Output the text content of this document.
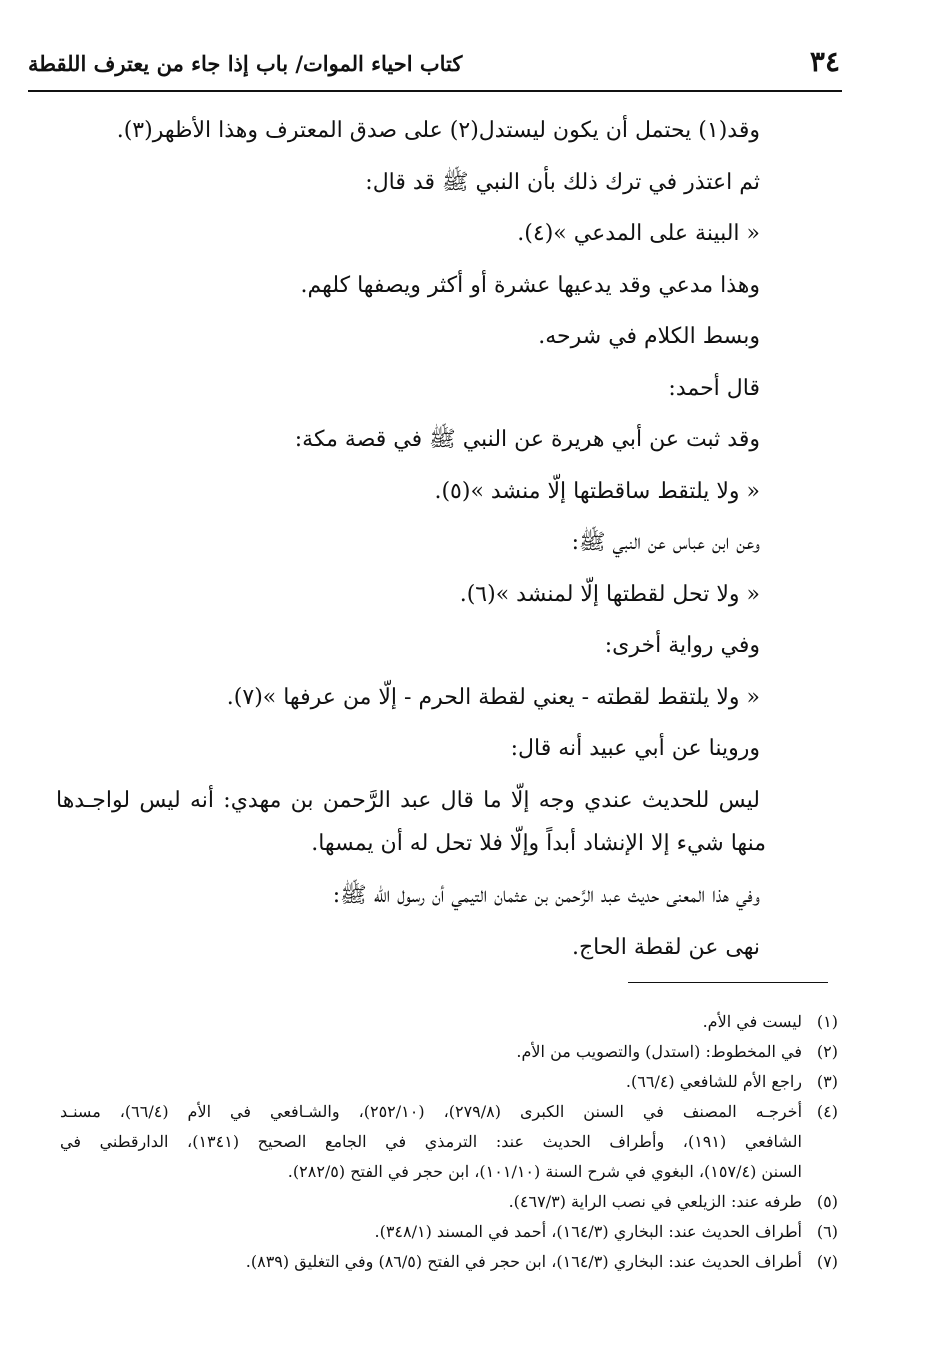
٣٤
كتاب احياء الموات/ باب إذا جاء من يعترف اللقطة
وقد(١) يحتمل أن يكون ليستدل(٢) على صدق المعترف وهذا الأظهر(٣).
ثم اعتذر في ترك ذلك بأن النبي ﷺ قد قال:
« البينة على المدعي »(٤).
وهذا مدعي وقد يدعيها عشرة أو أكثر ويصفها كلهم.
وبسط الكلام في شرحه.
قال أحمد:
وقد ثبت عن أبي هريرة عن النبي ﷺ في قصة مكة:
« ولا يلتقط ساقطتها إلّا منشد »(٥).
وعن ابن عباس عن النبي ﷺ:
« ولا تحل لقطتها إلّا لمنشد »(٦).
وفي رواية أخرى:
« ولا يلتقط لقطته - يعني لقطة الحرم - إلّا من عرفها »(٧).
وروينا عن أبي عبيد أنه قال:
ليس للحديث عندي وجه إلّا ما قال عبد الرَّحمن بن مهدي: أنه ليس لواجـدها
منها شيء إلا الإنشاد أبداً وإلّا فلا تحل له أن يمسها.
وفي هذا المعنى حديث عبد الرَّحمن بن عثمان التيمي أن رسول الله ﷺ:
نهى عن لقطة الحاج.
(١)
ليست في الأم.
(٢)
في المخطوط: (استدل) والتصويب من الأم.
(٣)
راجع الأم للشافعي (٦٦/٤).
(٤)
أخرجـه المصنف في السنن الكبرى (٢٧٩/٨)، (٢٥٢/١٠)، والشـافعي في الأم (٦٦/٤)، مسنـد
الشافعي (١٩١)، وأطراف الحديث عند: الترمذي في الجامع الصحيح (١٣٤١)، الدارقطني في
السنن (١٥٧/٤)، البغوي في شرح السنة (١٠١/١٠)، ابن حجر في الفتح (٢٨٢/٥).
(٥)
طرفه عند: الزيلعي في نصب الراية (٤٦٧/٣).
(٦)
أطراف الحديث عند: البخاري (١٦٤/٣)، أحمد في المسند (٣٤٨/١).
(٧)
أطراف الحديث عند: البخاري (١٦٤/٣)، ابن حجر في الفتح (٨٦/٥) وفي التغليق (٨٣٩).
